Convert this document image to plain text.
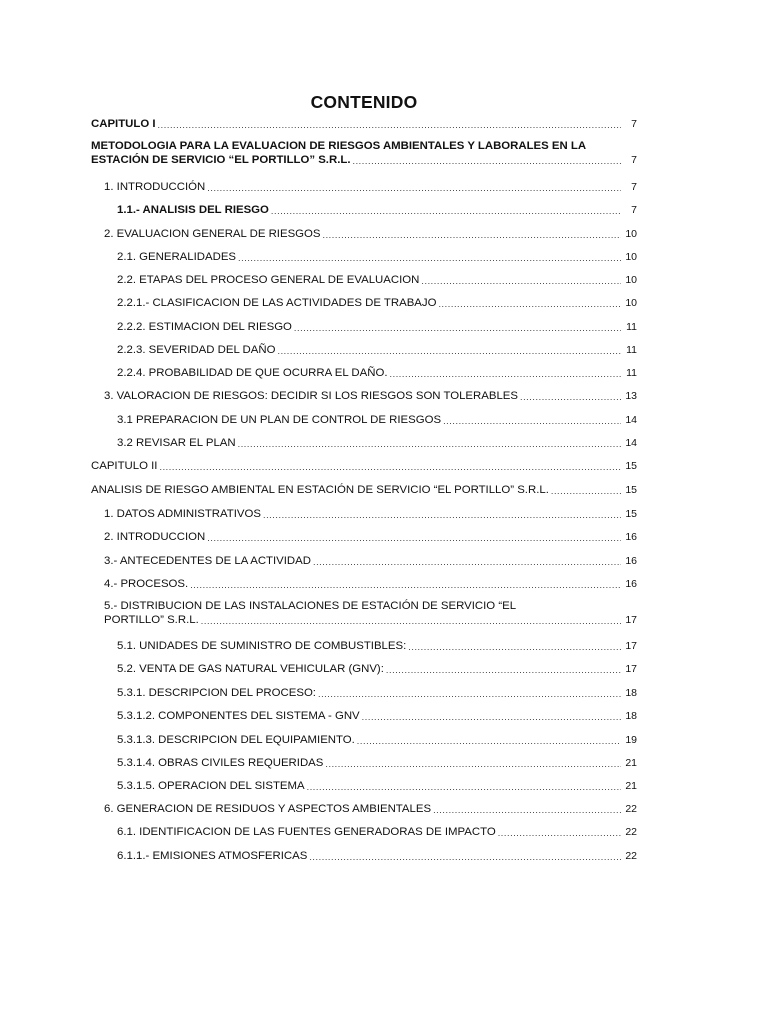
CONTENIDO
CAPITULO I .....	7
METODOLOGIA PARA LA EVALUACION DE RIESGOS AMBIENTALES Y LABORALES EN LA
ESTACIÓN DE SERVICIO “EL PORTILLO” S.R.L. .....	7
1. INTRODUCCIÓN .....	7
1.1.- ANALISIS DEL RIESGO .....	7
2. EVALUACION GENERAL DE RIESGOS .....	10
2.1. GENERALIDADES .....	10
2.2. ETAPAS DEL PROCESO GENERAL DE EVALUACION .....	10
2.2.1.- CLASIFICACION DE LAS ACTIVIDADES DE TRABAJO .....	10
2.2.2. ESTIMACION DEL RIESGO .....	11
2.2.3. SEVERIDAD DEL DAÑO .....	11
2.2.4. PROBABILIDAD DE QUE OCURRA EL DAÑO. .....	11
3. VALORACION DE RIESGOS: DECIDIR SI LOS RIESGOS SON TOLERABLES .....	13
3.1 PREPARACION DE UN PLAN DE CONTROL DE RIESGOS .....	14
3.2 REVISAR EL PLAN .....	14
CAPITULO II .....	15
ANALISIS DE RIESGO AMBIENTAL EN ESTACIÓN DE SERVICIO “EL PORTILLO” S.R.L. .....	15
1. DATOS ADMINISTRATIVOS .....	15
2. INTRODUCCION .....	16
3.- ANTECEDENTES DE LA ACTIVIDAD .....	16
4.- PROCESOS. .....	16
5.- DISTRIBUCION DE LAS INSTALACIONES DE ESTACIÓN DE SERVICIO “EL
PORTILLO” S.R.L. .....	17
5.1. UNIDADES DE SUMINISTRO DE COMBUSTIBLES: .....	17
5.2. VENTA DE GAS NATURAL VEHICULAR (GNV): .....	17
5.3.1. DESCRIPCION DEL PROCESO: .....	18
5.3.1.2. COMPONENTES DEL SISTEMA - GNV .....	18
5.3.1.3. DESCRIPCION DEL EQUIPAMIENTO. .....	19
5.3.1.4. OBRAS CIVILES REQUERIDAS .....	21
5.3.1.5. OPERACION DEL SISTEMA .....	21
6. GENERACION DE RESIDUOS Y ASPECTOS AMBIENTALES .....	22
6.1. IDENTIFICACION DE LAS FUENTES GENERADORAS DE IMPACTO .....	22
6.1.1.- EMISIONES ATMOSFERICAS .....	22
